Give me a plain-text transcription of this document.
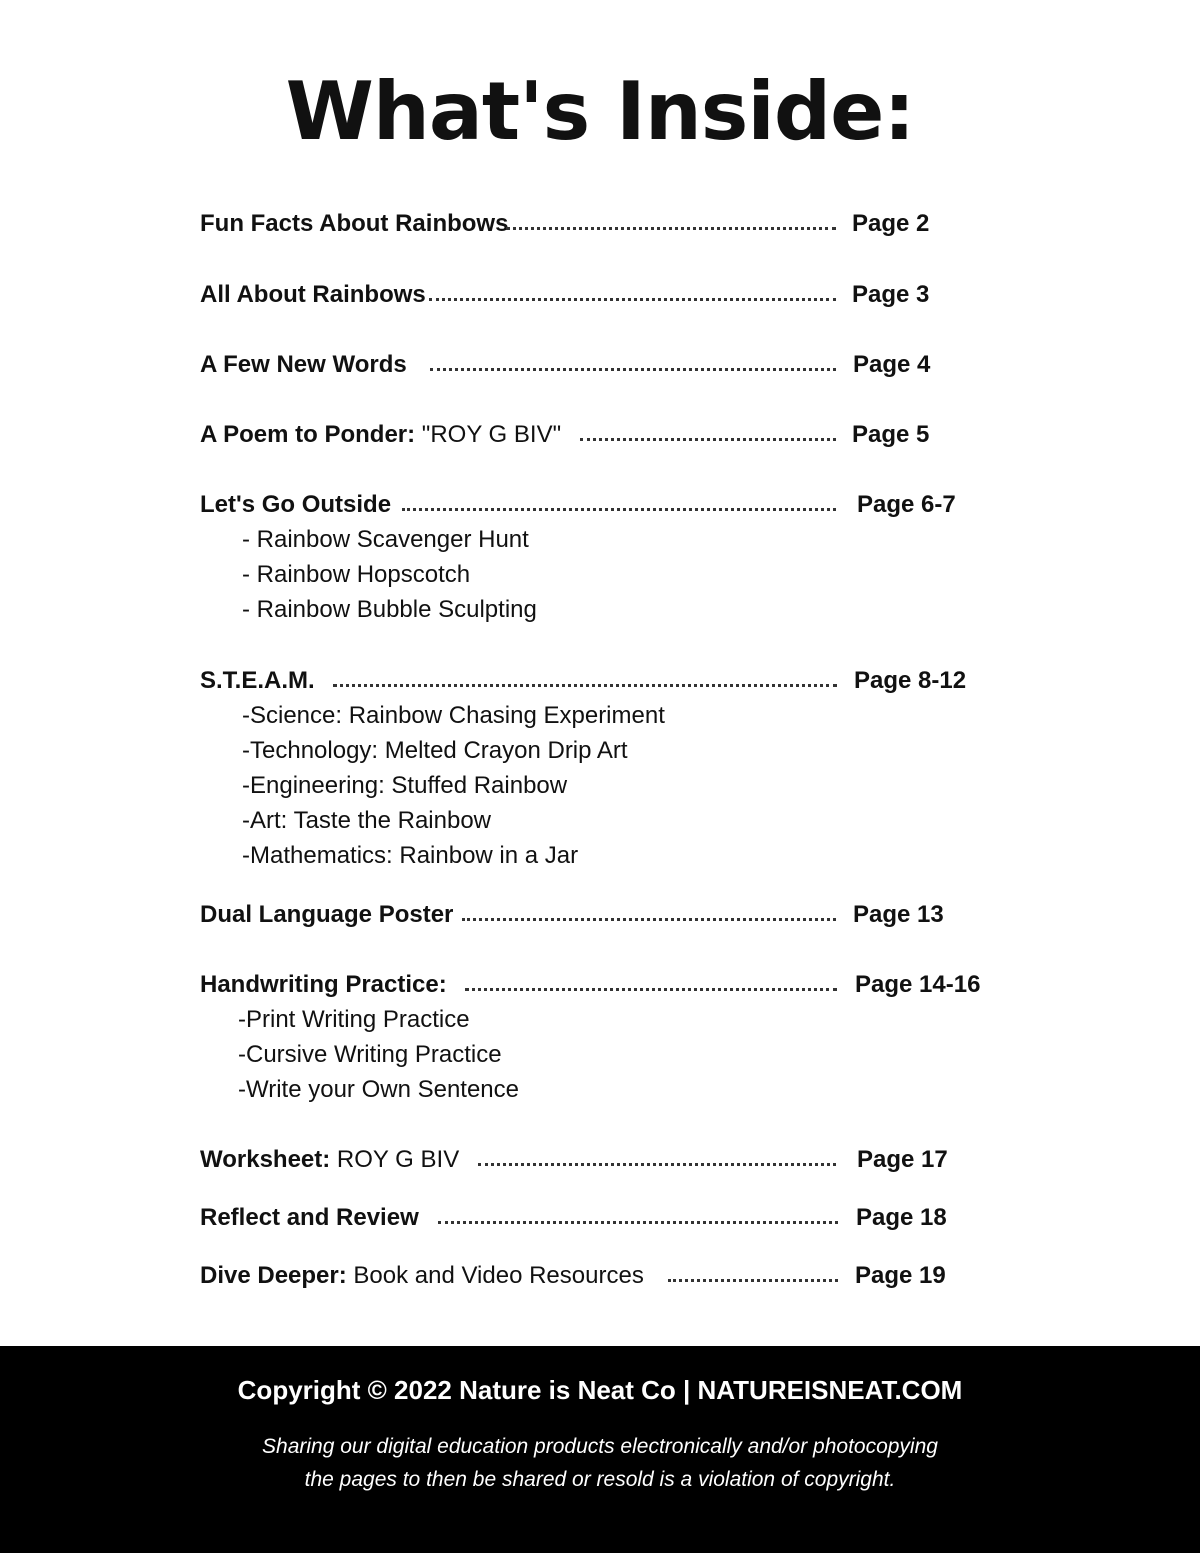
What's Inside:
Fun Facts About Rainbows	Page 2
All About Rainbows	Page 3
A Few New Words	Page 4
A Poem to Ponder: "ROY G BIV"	Page 5
Let's Go Outside	Page 6-7
- Rainbow Scavenger Hunt
- Rainbow Hopscotch
- Rainbow Bubble Sculpting
S.T.E.A.M.	Page 8-12
-Science: Rainbow Chasing Experiment
-Technology: Melted Crayon Drip Art
-Engineering: Stuffed Rainbow
-Art: Taste the Rainbow
-Mathematics: Rainbow in a Jar
Dual Language Poster	Page 13
Handwriting Practice:	Page 14-16
-Print Writing Practice
-Cursive Writing Practice
-Write your Own Sentence
Worksheet: ROY G BIV	Page 17
Reflect and Review	Page 18
Dive Deeper: Book and Video Resources	Page 19
Copyright © 2022 Nature is Neat Co | NATUREISNEAT.COM
Sharing our digital education products electronically and/or photocopying
the pages to then be shared or resold is a violation of copyright.
